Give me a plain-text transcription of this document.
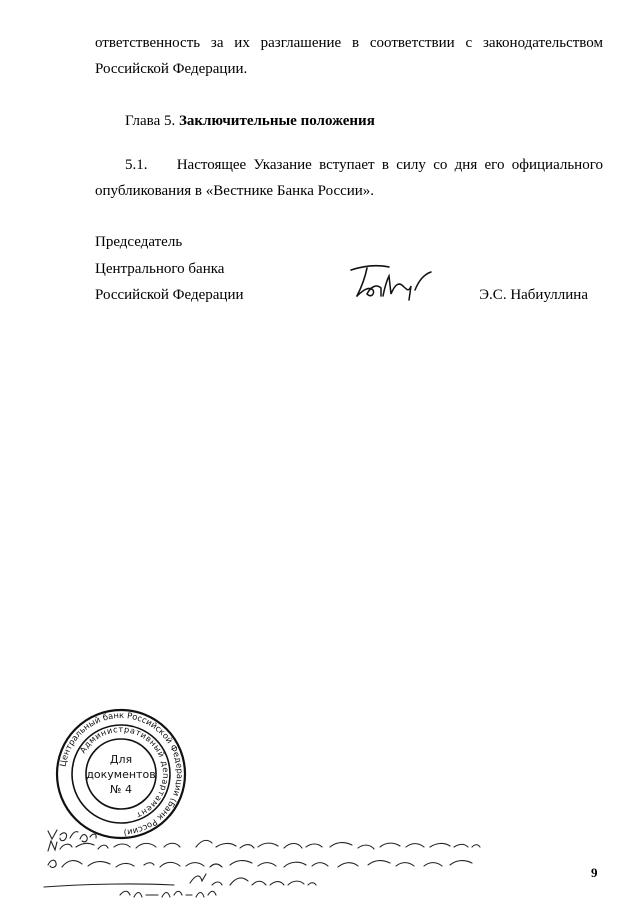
ответственность за их разглашение в соответствии с законодательством

Российской Федерации.

Глава 5. Заключительные положения

5.1.    Настоящее Указание вступает в силу со дня его официального

опубликования в «Вестнике Банка России».

Председатель
Центрального банка
Российской Федерации	Э.С. Набиуллина
Центральный банк Российской Федерации (Банк России)
Административный департамент
Для
документов
№ 4
9
